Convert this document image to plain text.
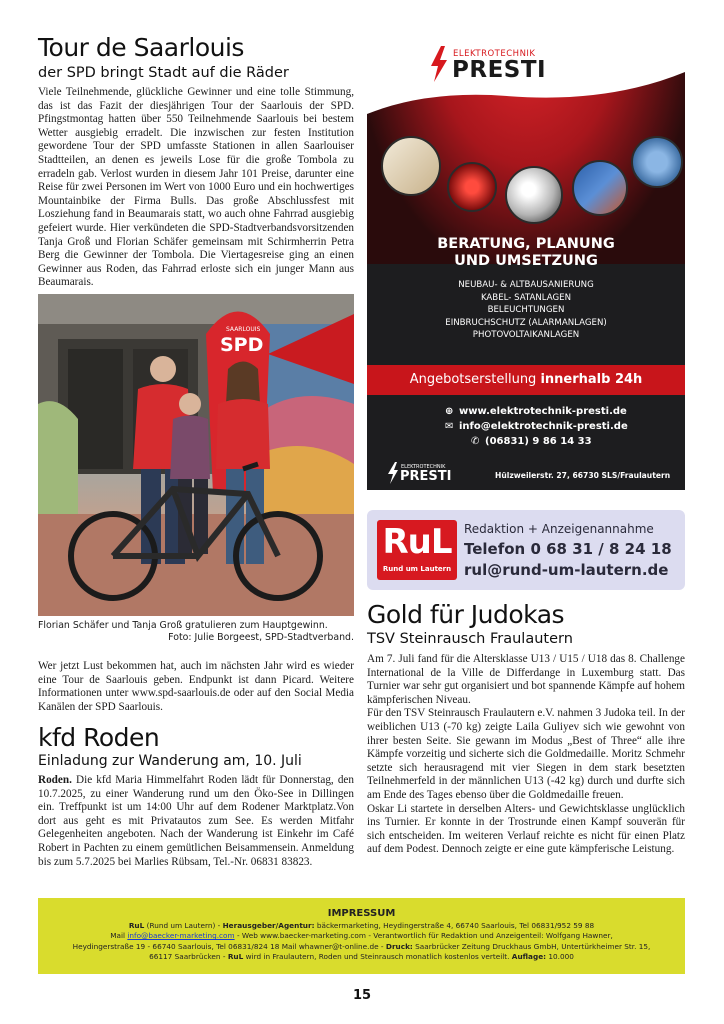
Tour de Saarlouis
der SPD bringt Stadt auf die Räder
Viele Teilnehmende, glückliche Gewinner und eine tolle Stimmung, das ist das Fazit der diesjährigen Tour der Saarlouis der SPD. Pfingstmontag hatten über 550 Teilnehmende Saarlouis bei bestem Wetter ausgiebig erradelt. Die inzwischen zur festen Institution gewordene Tour der SPD umfasste Stationen in allen Saarlouiser Stadtteilen, an denen es jeweils Lose für die große Tombola zu erradeln gab. Verlost wurden in diesem Jahr 101 Preise, darunter eine Reise für zwei Personen im Wert von 1000 Euro und ein hochwertiges Mountainbike der Firma Bulls. Das große Abschlussfest mit Losziehung fand in Beaumarais statt, wo auch ohne Fahrrad ausgiebig gefeiert wurde. Hier verkündeten die SPD-Stadtverbandsvorsitzenden Tanja Groß und Florian Schäfer gemeinsam mit Schirmherrin Petra Berg die Gewinner der Tombola. Die Viertagesreise ging an einen Gewinner aus Roden, das Fahrrad erloste sich ein junger Mann aus Beaumarais.
SAARLOUIS
SPD
Florian Schäfer und Tanja Groß gratulieren zum Hauptgewinn.
Foto: Julie Borgeest, SPD-Stadtverband.
Wer jetzt Lust bekommen hat, auch im nächsten Jahr wird es wieder eine Tour de Saarlouis geben. Endpunkt ist dann Picard. Weitere Informationen unter www.spd-saarlouis.de oder auf den Social Media Kanälen der SPD Saarlouis.
kfd Roden
Einladung zur Wanderung am, 10. Juli
Roden. Die kfd Maria Himmelfahrt Roden lädt für Donnerstag, den 10.7.2025, zu einer Wanderung rund um den Öko-See in Dillingen ein. Treffpunkt ist um 14:00 Uhr auf dem Rodener Marktplatz.Von dort aus geht es mit Privatautos zum See. Es werden Mitfahr Gelegenheiten angeboten. Nach der Wanderung ist Einkehr im Café Robert in Pachten zu einem gemütlichen Beisammensein. Anmeldung bis zum 5.7.2025 bei Marlies Rübsam, Tel.-Nr. 06831 83823.
ELEKTROTECHNIK
PRESTI
BERATUNG, PLANUNG
UND UMSETZUNG
NEUBAU- & ALTBAUSANIERUNG
KABEL- SATANLAGEN
BELEUCHTUNGEN
EINBRUCHSCHUTZ (ALARMANLAGEN)
PHOTOVOLTAIKANLAGEN
Angebotserstellung innerhalb 24h
⊕ www.elektrotechnik-presti.de
✉ info@elektrotechnik-presti.de
✆ (06831) 9 86 14 33
ELEKTROTECHNIK
PRESTI	Hülzweilerstr. 27, 66730 SLS/Fraulautern
RuL
Rund um Lautern
Redaktion + Anzeigenannahme
Telefon 0 68 31 / 8 24 18
rul@rund-um-lautern.de
Gold für Judokas
TSV Steinrausch Fraulautern

Am 7. Juli fand für die Altersklasse U13 / U15 / U18 das 8. Challenge International de la Ville de Differdange in Luxemburg statt. Das Turnier war sehr gut organisiert und bot spannende Kämpfe auf hohem kämpferischen Niveau.

Für den TSV Steinrausch Fraulautern e.V. nahmen 3 Judoka teil. In der weiblichen U13 (-70 kg) zeigte Laila Guliyev sich wie gewohnt von ihrer besten Seite. Sie gewann im Modus „Best of Three“ alle ihre Kämpfe vorzeitig und sicherte sich die Goldmedaille. Moritz Schmehr setzte sich herausragend mit vier Siegen in dem stark besetzten Teilnehmerfeld in der männlichen U13 (-42 kg) durch und durfte sich am Ende des Tages ebenso über die Goldmedaille freuen.

Oskar Li startete in derselben Alters- und Gewichtsklasse unglücklich ins Turnier. Er konnte in der Trostrunde einen Kampf souverän für sich entscheiden. Im weiteren Verlauf reichte es nicht für einen Platz auf dem Podest. Dennoch zeigte er eine gute kämpferische Leistung.

IMPRESSUM
RuL (Rund um Lautern) - Herausgeber/Agentur: bäckermarketing, Heydingerstraße 4, 66740 Saarlouis, Tel 06831/952 59 88
Mail info@baecker-marketing.com - Web www.baecker-marketing.com - Verantwortlich für Redaktion und Anzeigenteil: Wolfgang Hawner,
Heydingerstraße 19 - 66740 Saarlouis, Tel 06831/824 18 Mail whawner@t-online.de - Druck: Saarbrücker Zeitung Druckhaus GmbH, Untertürkheimer Str. 15,
66117 Saarbrücken - RuL wird in Fraulautern, Roden und Steinrausch monatlich kostenlos verteilt. Auflage: 10.000
15
